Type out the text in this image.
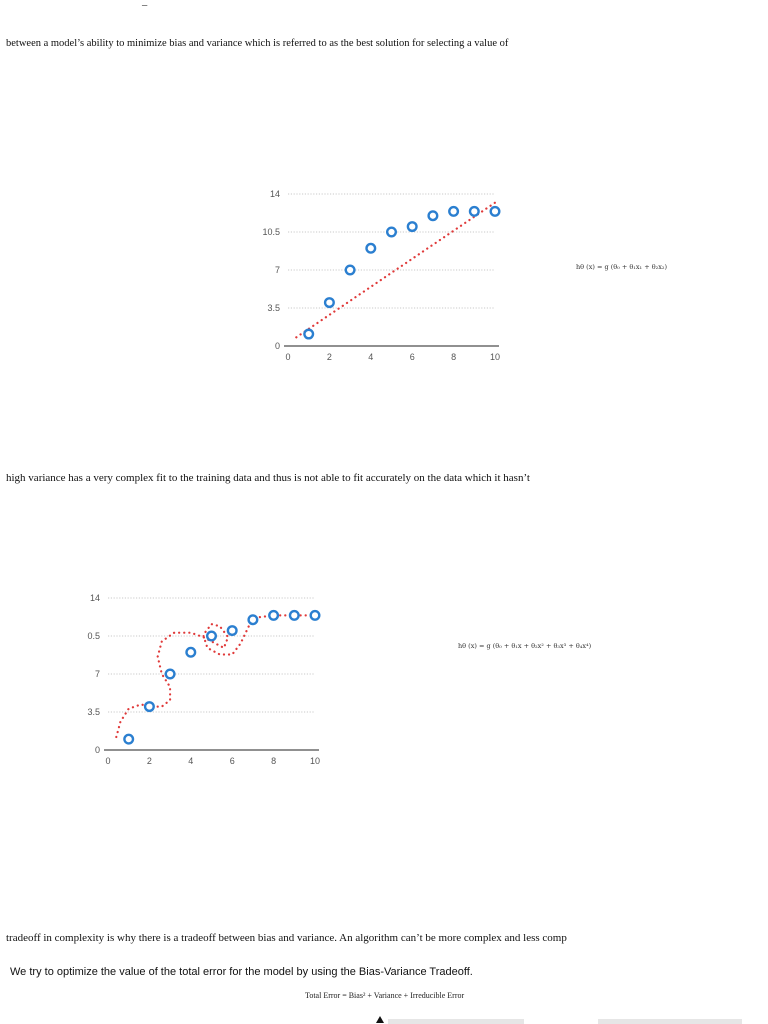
–
between a model’s ability to minimize bias and variance which is referred to as the best solution for selecting a value of
0
3.5
7
10.5
14
0	2	4	6	8	10
hθ (x) = g (θ₀ + θ₁x₁ + θ₂x₂)
high variance has a very complex fit to the training data and thus is not able to fit accurately on the data which it hasn’t
0
3.5
7
0.5
14
0	2	4	6	8	10
hθ (x) = g (θ₀ + θ₁x + θ₂x² + θ₃x³ + θ₄x⁴)
tradeoff in complexity is why there is a tradeoff between bias and variance. An algorithm can’t be more complex and less comp
We try to optimize the value of the total error for the model by using the Bias-Variance Tradeoff.
Total Error = Bias² + Variance + Irreducible Error
